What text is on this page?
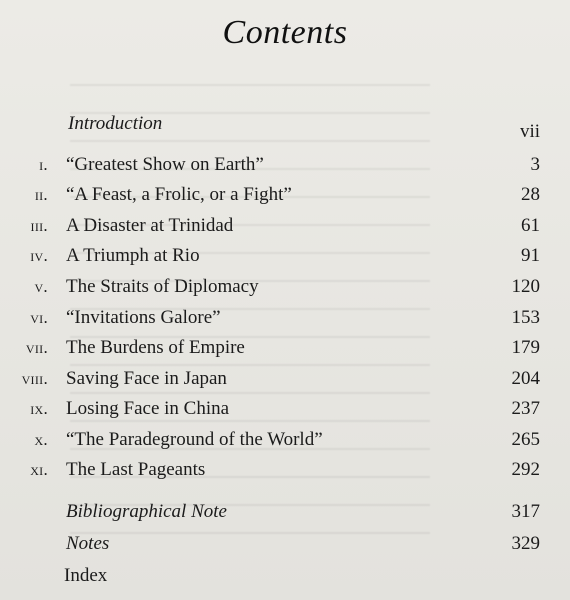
Contents
Introduction	vii
i. “Greatest Show on Earth”	3
ii. “A Feast, a Frolic, or a Fight”	28
iii. A Disaster at Trinidad	61
iv. A Triumph at Rio	91
v. The Straits of Diplomacy	120
vi. “Invitations Galore”	153
vii. The Burdens of Empire	179
viii. Saving Face in Japan	204
ix. Losing Face in China	237
x. “The Paradeground of the World”	265
xi. The Last Pageants	292
Bibliographical Note	317
Notes	329
Index
